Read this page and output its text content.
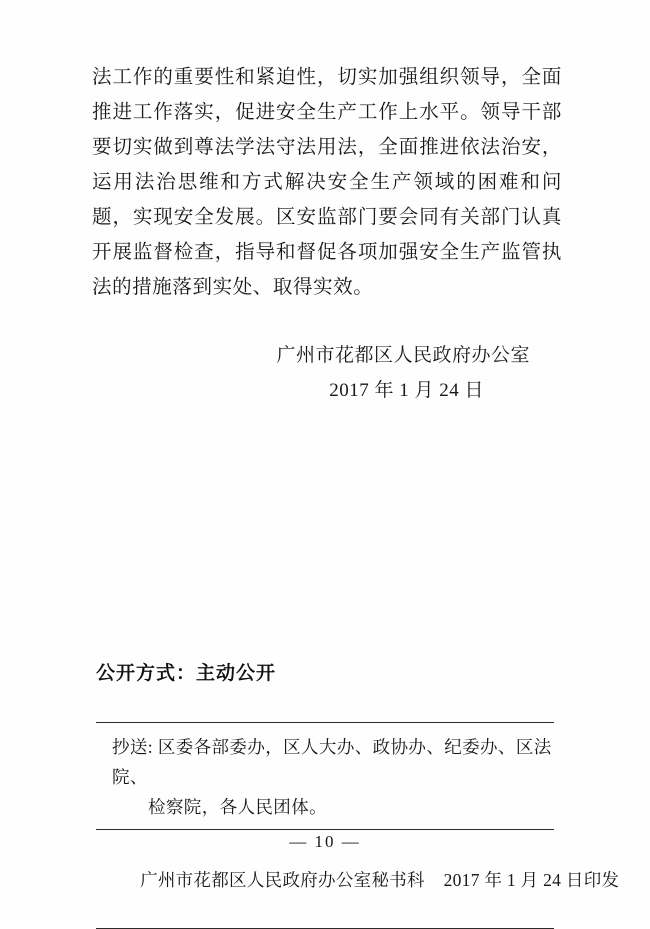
法工作的重要性和紧迫性，切实加强组织领导，全面推进工作落实，促进安全生产工作上水平。领导干部要切实做到尊法学法守法用法，全面推进依法治安，运用法治思维和方式解决安全生产领域的困难和问题，实现安全发展。区安监部门要会同有关部门认真开展监督检查，指导和督促各项加强安全生产监管执法的措施落到实处、取得实效。
广州市花都区人民政府办公室
2017 年 1 月 24 日
公开方式：主动公开
抄送: 区委各部委办，区人大办、政协办、纪委办、区法院、
检察院，各人民团体。

广州市花都区人民政府办公室秘书科 2017 年 1 月 24 日印发

— 10 —
